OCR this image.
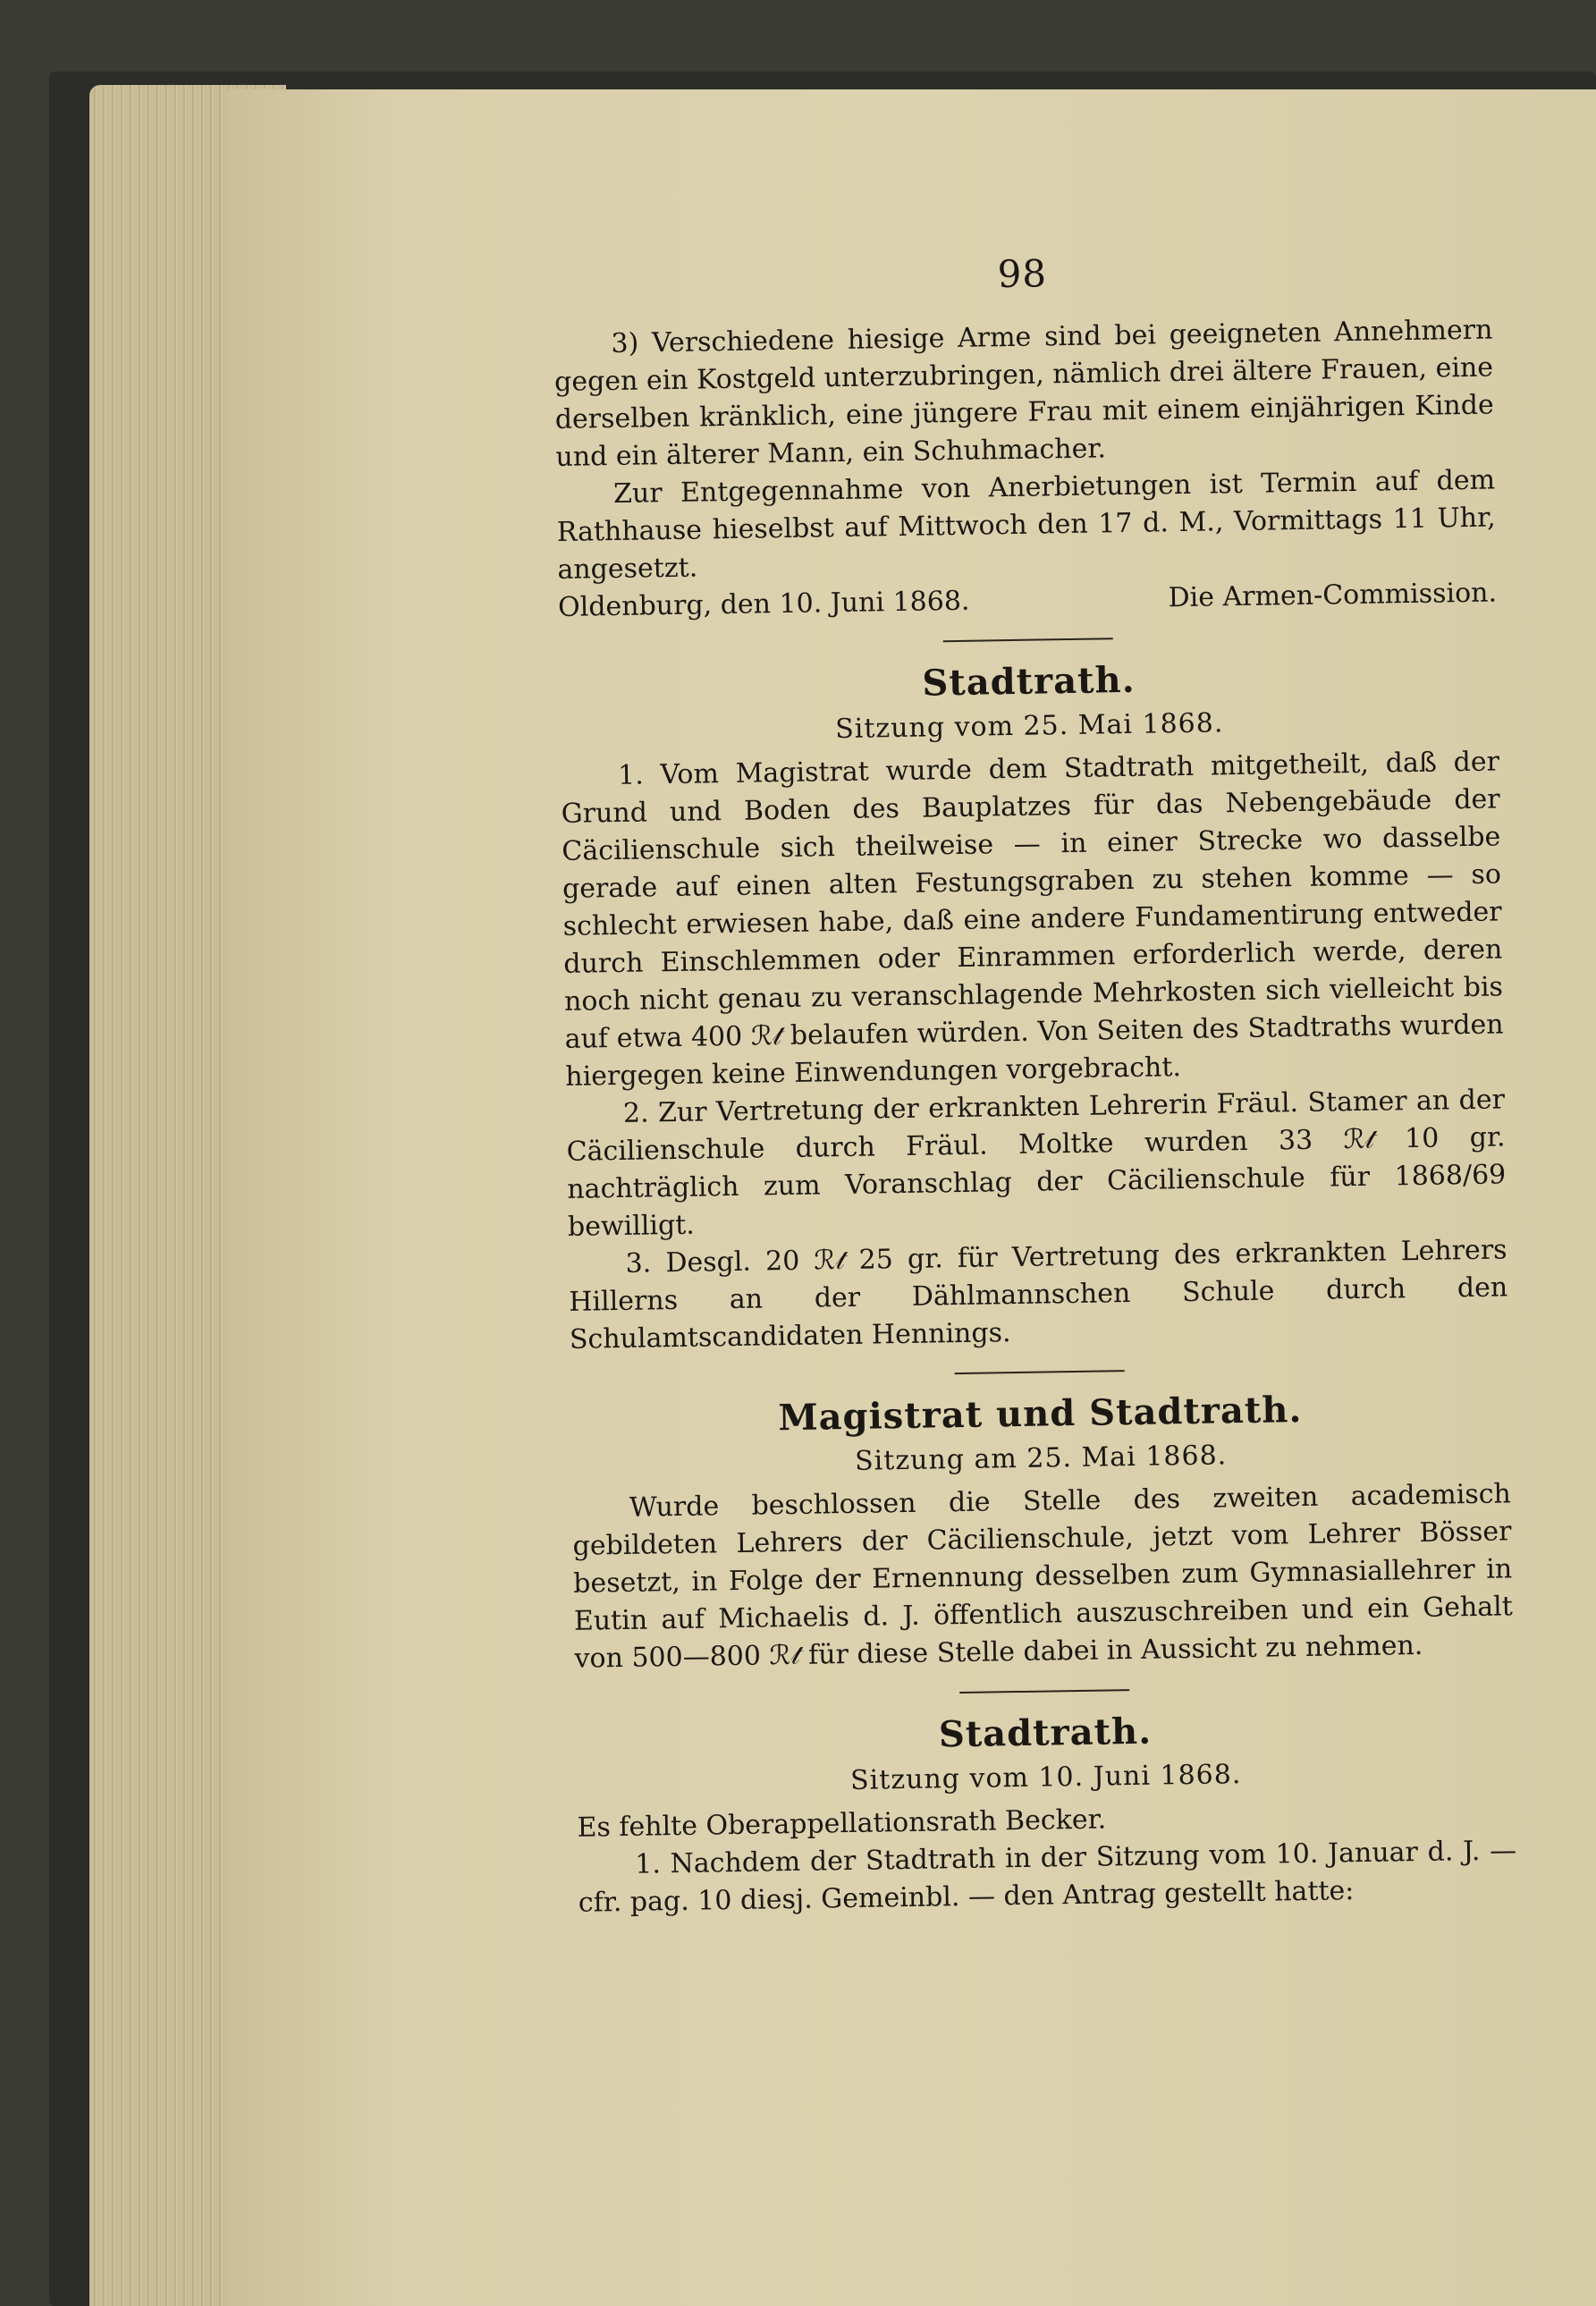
98

3) Verschiedene hiesige Arme sind bei geeigneten Annehmern gegen ein Kostgeld unterzubringen, nämlich drei ältere Frauen, eine derselben kränklich, eine jüngere Frau mit einem einjährigen Kinde und ein älterer Mann, ein Schuhmacher.

Zur Entgegennahme von Anerbietungen ist Termin auf dem Rathhause hieselbst auf Mittwoch den 17 d. M., Vormittags 11 Uhr, angesetzt.

Oldenburg, den 10. Juni 1868.	Die Armen-Commission.
Stadtrath.
Sitzung vom 25. Mai 1868.

1. Vom Magistrat wurde dem Stadtrath mitgetheilt, daß der Grund und Boden des Bauplatzes für das Nebengebäude der Cäcilienschule sich theilweise — in einer Strecke wo dasselbe gerade auf einen alten Festungsgraben zu stehen komme — so schlecht erwiesen habe, daß eine andere Fundamentirung entweder durch Einschlemmen oder Einrammen erforderlich werde, deren noch nicht genau zu veranschlagende Mehrkosten sich vielleicht bis auf etwa 400 ℛ𝓉 belaufen würden. Von Seiten des Stadtraths wurden hiergegen keine Einwendungen vorgebracht.

2. Zur Vertretung der erkrankten Lehrerin Fräul. Stamer an der Cäcilienschule durch Fräul. Moltke wurden 33 ℛ𝓉 10 gr. nachträglich zum Voranschlag der Cäcilienschule für 1868/69 bewilligt.

3. Desgl. 20 ℛ𝓉 25 gr. für Vertretung des erkrankten Lehrers Hillerns an der Dählmannschen Schule durch den Schulamtscandidaten Hennings.

Magistrat und Stadtrath.
Sitzung am 25. Mai 1868.

Wurde beschlossen die Stelle des zweiten academisch gebildeten Lehrers der Cäcilienschule, jetzt vom Lehrer Bösser besetzt, in Folge der Ernennung desselben zum Gymnasiallehrer in Eutin auf Michaelis d. J. öffentlich auszuschreiben und ein Gehalt von 500—800 ℛ𝓉 für diese Stelle dabei in Aussicht zu nehmen.

Stadtrath.
Sitzung vom 10. Juni 1868.

Es fehlte Oberappellationsrath Becker.

1. Nachdem der Stadtrath in der Sitzung vom 10. Januar d. J. — cfr. pag. 10 diesj. Gemeinbl. — den Antrag gestellt hatte:
